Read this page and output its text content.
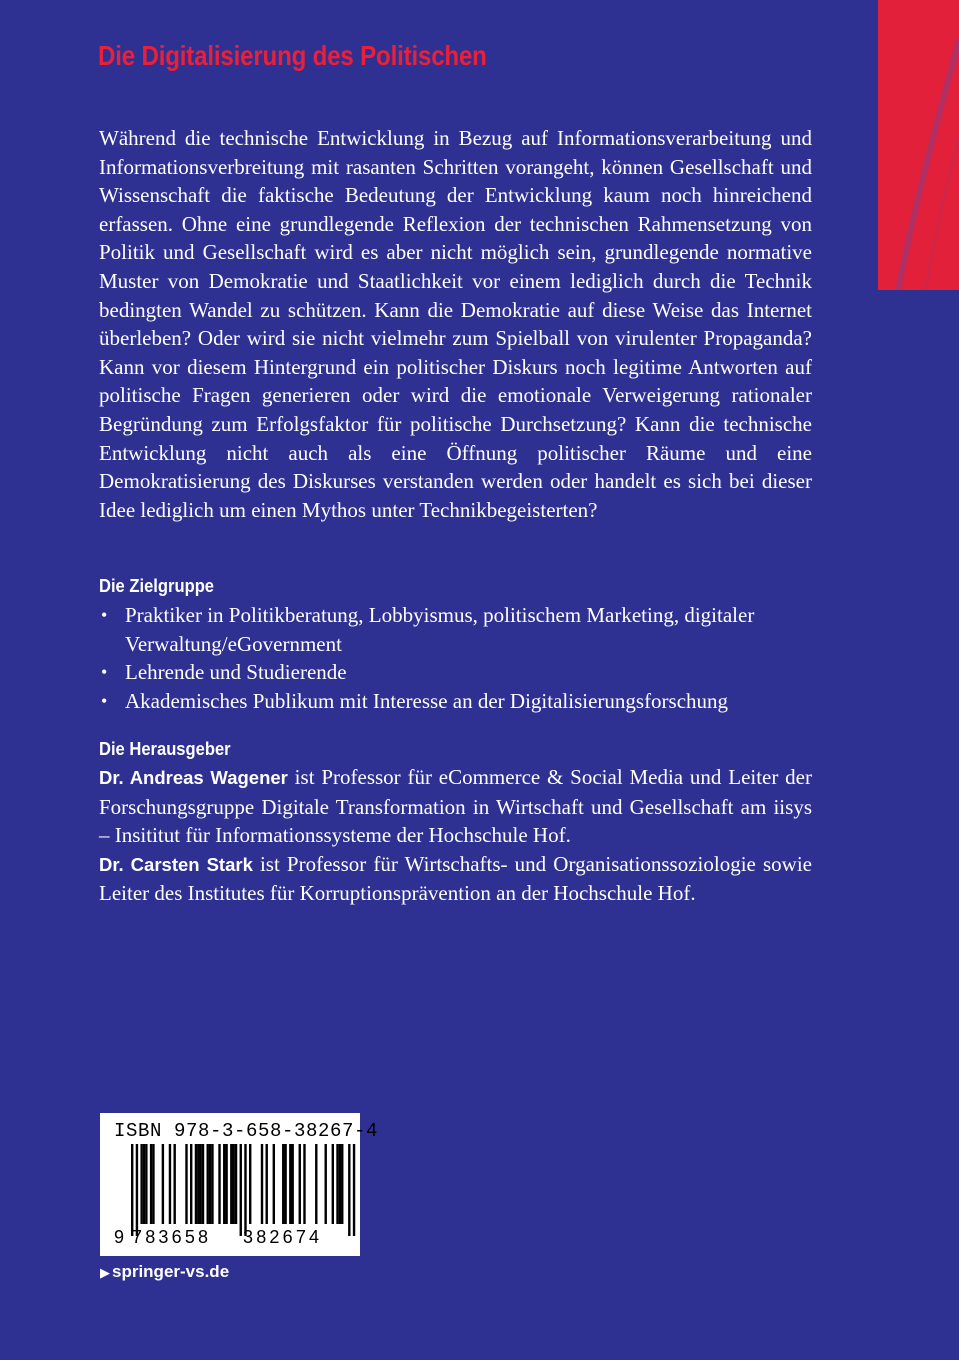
Die Digitalisierung des Politischen

Während die technische Entwicklung in Bezug auf Informationsverarbeitung und Informationsverbreitung mit rasanten Schritten vorangeht, können Gesellschaft und Wissenschaft die faktische Bedeutung der Entwicklung kaum noch hinreichend erfassen. Ohne eine grundlegende Reflexion der technischen Rahmensetzung von Politik und Gesellschaft wird es aber nicht möglich sein, grundlegende normative Muster von Demokratie und Staatlichkeit vor einem lediglich durch die Technik bedingten Wandel zu schützen. Kann die Demokratie auf diese Weise das Internet überleben? Oder wird sie nicht vielmehr zum Spielball von virulenter Propaganda? Kann vor diesem Hintergrund ein politischer Diskurs noch legitime Antworten auf politische Fragen generieren oder wird die emotionale Verweigerung rationaler Begründung zum Erfolgsfaktor für politische Durchsetzung? Kann die technische Entwicklung nicht auch als eine Öffnung politischer Räume und eine Demokratisierung des Diskurses verstanden werden oder handelt es sich bei dieser Idee lediglich um einen Mythos unter Technikbegeisterten?

Die Zielgruppe
• Praktiker in Politikberatung, Lobbyismus, politischem Marketing, digitaler Verwaltung/eGovernment
• Lehrende und Studierende
• Akademisches Publikum mit Interesse an der Digitalisierungsforschung
Die Herausgeber

Dr. Andreas Wagener ist Professor für eCommerce & Social Media und Leiter der Forschungsgruppe Digitale Transformation in Wirtschaft und Gesellschaft am iisys – Insititut für Informationssysteme der Hochschule Hof.
Dr. Carsten Stark ist Professor für Wirtschafts- und Organisationssoziologie sowie Leiter des Institutes für Korruptionsprävention an der Hochschule Hof.

ISBN 978-3-658-38267-4
9 783658 382674
▶ springer-vs.de
